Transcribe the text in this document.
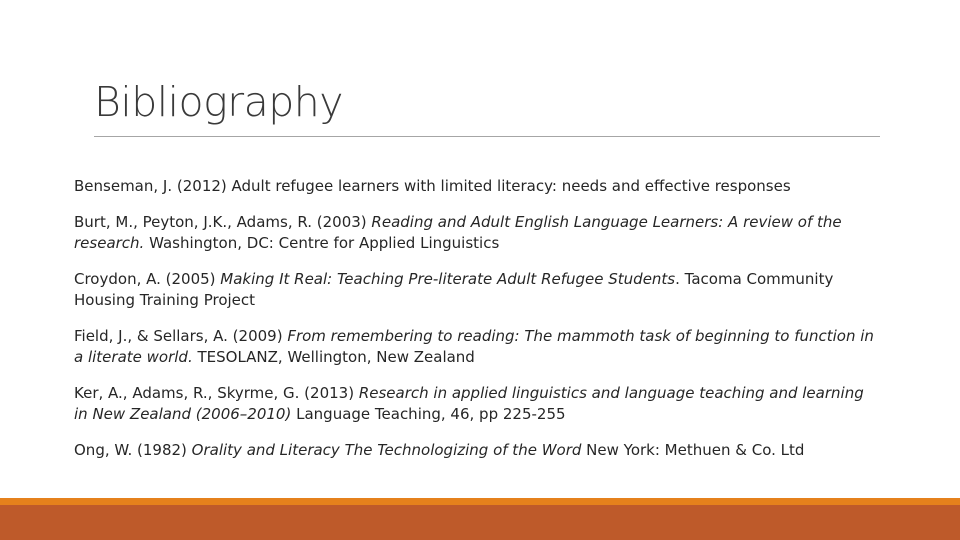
Bibliography
Benseman, J. (2012) Adult refugee learners with limited literacy: needs and effective responses
Burt, M., Peyton, J.K., Adams, R. (2003) Reading and Adult English Language Learners: A review of the research. Washington, DC: Centre for Applied Linguistics
Croydon, A. (2005) Making It Real: Teaching Pre-literate Adult Refugee Students. Tacoma Community Housing Training Project
Field, J., & Sellars, A. (2009) From remembering to reading: The mammoth task of beginning to function in a literate world. TESOLANZ, Wellington, New Zealand
Ker, A., Adams, R., Skyrme, G. (2013) Research in applied linguistics and language teaching and learning in New Zealand (2006–2010) Language Teaching, 46, pp 225-255
Ong, W. (1982) Orality and Literacy The Technologizing of the Word New York: Methuen & Co. Ltd
